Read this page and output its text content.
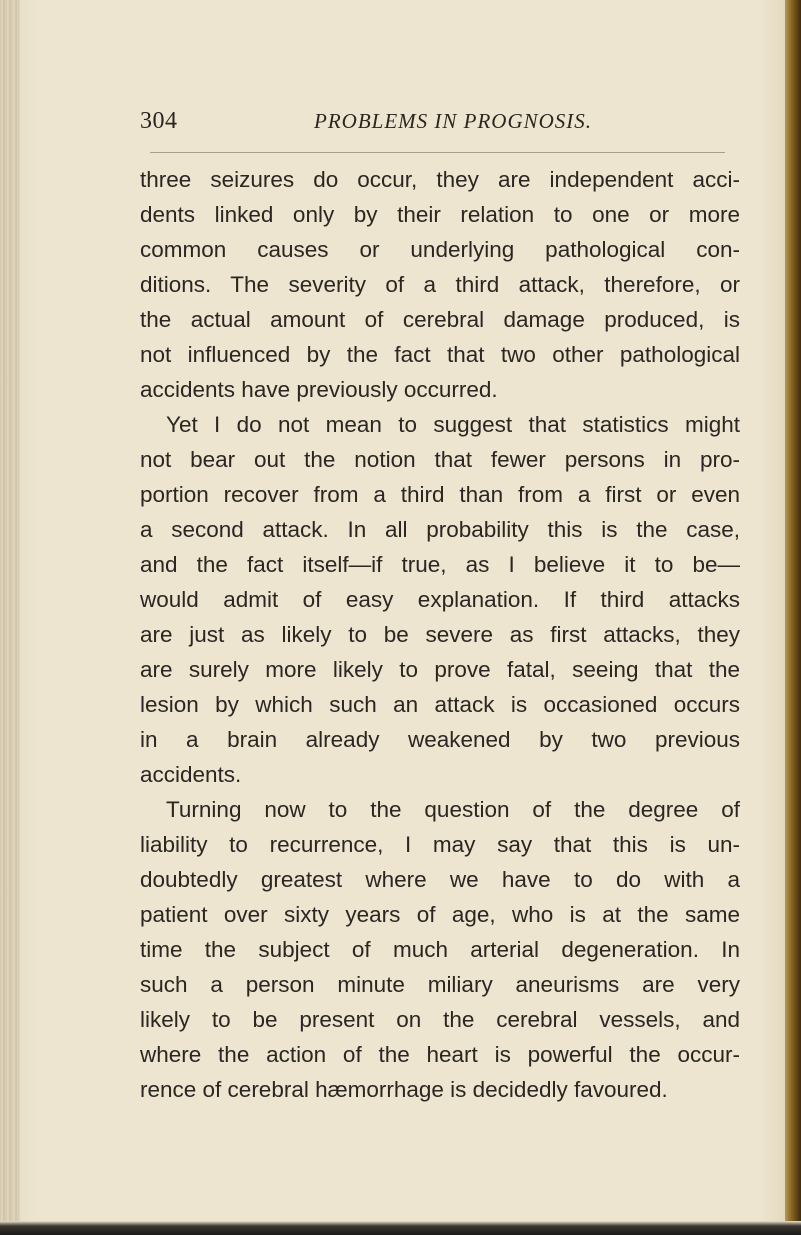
304	PROBLEMS IN PROGNOSIS.
three seizures do occur, they are independent acci-
dents linked only by their relation to one or more
common causes or underlying pathological con-
ditions. The severity of a third attack, therefore, or
the actual amount of cerebral damage produced, is
not influenced by the fact that two other pathological
accidents have previously occurred.
Yet I do not mean to suggest that statistics might
not bear out the notion that fewer persons in pro-
portion recover from a third than from a first or even
a second attack. In all probability this is the case,
and the fact itself—if true, as I believe it to be—
would admit of easy explanation. If third attacks
are just as likely to be severe as first attacks, they
are surely more likely to prove fatal, seeing that the
lesion by which such an attack is occasioned occurs
in a brain already weakened by two previous
accidents.
Turning now to the question of the degree of
liability to recurrence, I may say that this is un-
doubtedly greatest where we have to do with a
patient over sixty years of age, who is at the same
time the subject of much arterial degeneration. In
such a person minute miliary aneurisms are very
likely to be present on the cerebral vessels, and
where the action of the heart is powerful the occur-
rence of cerebral hæmorrhage is decidedly favoured.
